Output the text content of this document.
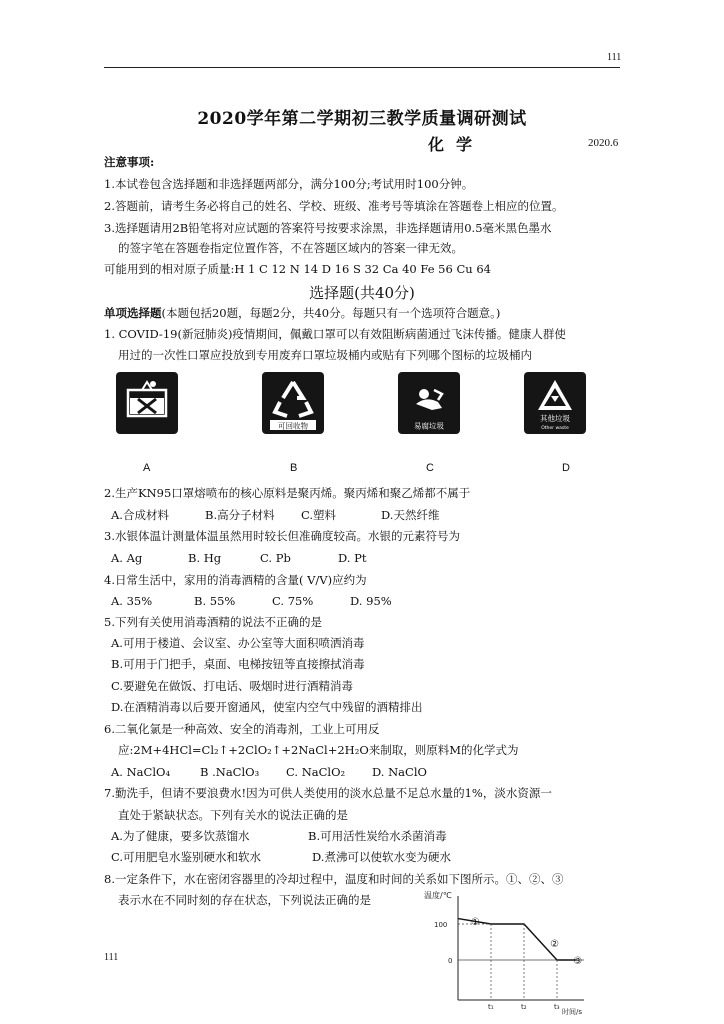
111
2020学年第二学期初三教学质量调研测试
化学	2020.6
注意事项:
1.本试卷包含选择题和非选择题两部分，满分100分;考试用时100分钟。
2.答题前，请考生务必将自己的姓名、学校、班级、准考号等填涂在答题卷上相应的位置。
3.选择题请用2B铅笔将对应试题的答案符号按要求涂黑，非选择题请用0.5毫米黑色墨水
的签字笔在答题卷指定位置作答，不在答题区域内的答案一律无效。
可能用到的相对原子质量:H 1 C 12 N 14 D 16 S 32 Ca 40 Fe 56 Cu 64
选择题(共40分)
单项选择题(本题包括20题，每题2分，共40分。每题只有一个选项符合题意。)
1. COVID-19(新冠肺炎)疫情期间，佩戴口罩可以有效阻断病菌通过飞沫传播。健康人群使
用过的一次性口罩应投放到专用废弃口罩垃圾桶内或贴有下列哪个图标的垃圾桶内
可回收物	易腐垃圾
其他垃圾
Other waste
A	B	C	D
2.生产KN95口罩熔喷布的核心原料是聚丙烯。聚丙烯和聚乙烯都不属于
A.合成材料	B.高分子材料 C.塑料	D.天然纤维
3.水银体温计测量体温虽然用时较长但准确度较高。水银的元素符号为
A. Ag	B. Hg	C. Pb	D. Pt
4.日常生活中，家用的消毒酒精的含量( V/V)应约为
A. 35%	B. 55%	C. 75%	D. 95%
5.下列有关使用消毒酒精的说法不正确的是
A.可用于楼道、会议室、办公室等大面积喷洒消毒
B.可用于门把手，桌面、电梯按钮等直接擦拭消毒
C.要避免在做饭、打电话、吸烟时进行酒精消毒
D.在酒精消毒以后要开窗通风，使室内空气中残留的酒精排出
6.二氧化氯是一种高效、安全的消毒剂，工业上可用反
应:2M+4HCl=Cl₂↑+2ClO₂↑+2NaCl+2H₂O来制取，则原料M的化学式为
A. NaClO₄	B .NaClO₃ C. NaClO₂ D. NaClO
7.勤洗手，但请不要浪费水!因为可供人类使用的淡水总量不足总水量的1%，淡水资源一
直处于紧缺状态。下列有关水的说法正确的是
A.为了健康，要多饮蒸馏水	B.可用活性炭给水杀菌消毒
C.可用肥皂水鉴别硬水和软水	D.煮沸可以使软水变为硬水
8.一定条件下，水在密闭容器里的冷却过程中，温度和时间的关系如下图所示。①、②、③
表示水在不同时刻的存在状态，下列说法正确的是	温度/℃
时间/s
t₁	t₂	t₃
100
0
①
②
③
111
